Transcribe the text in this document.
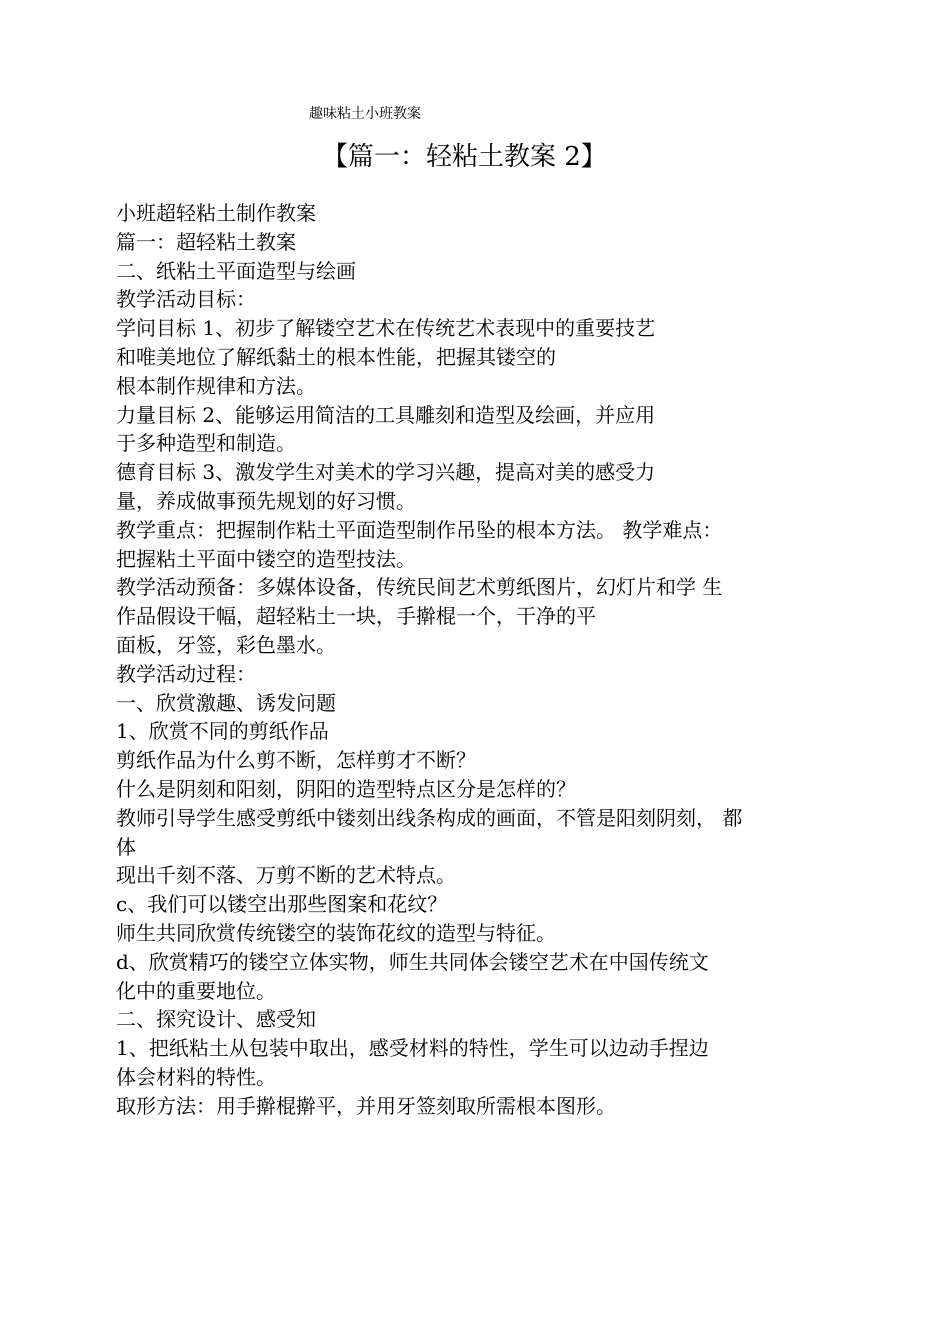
趣味粘土小班教案
【篇一：轻粘土教案 2】
小班超轻粘土制作教案
篇一：超轻粘土教案
二、纸粘土平面造型与绘画
教学活动目标：
学问目标 1、初步了解镂空艺术在传统艺术表现中的重要技艺
和唯美地位了解纸黏土的根本性能，把握其镂空的
根本制作规律和方法。
力量目标 2、能够运用简洁的工具雕刻和造型及绘画，并应用
于多种造型和制造。
德育目标 3、激发学生对美术的学习兴趣，提高对美的感受力
量，养成做事预先规划的好习惯。
教学重点：把握制作粘土平面造型制作吊坠的根本方法。 教学难点：
把握粘土平面中镂空的造型技法。
教学活动预备：多媒体设备，传统民间艺术剪纸图片，幻灯片和学 生
作品假设干幅，超轻粘土一块，手擀棍一个，干净的平
面板，牙签，彩色墨水。
教学活动过程：
一、欣赏激趣、诱发问题
1、欣赏不同的剪纸作品
剪纸作品为什么剪不断，怎样剪才不断？
什么是阴刻和阳刻，阴阳的造型特点区分是怎样的？
教师引导学生感受剪纸中镂刻出线条构成的画面，不管是阳刻阴刻， 都
体
现出千刻不落、万剪不断的艺术特点。
c、我们可以镂空出那些图案和花纹？
师生共同欣赏传统镂空的装饰花纹的造型与特征。
d、欣赏精巧的镂空立体实物，师生共同体会镂空艺术在中国传统文
化中的重要地位。
二、探究设计、感受知
1、把纸粘土从包装中取出，感受材料的特性，学生可以边动手捏边
体会材料的特性。
取形方法：用手擀棍擀平，并用牙签刻取所需根本图形。
